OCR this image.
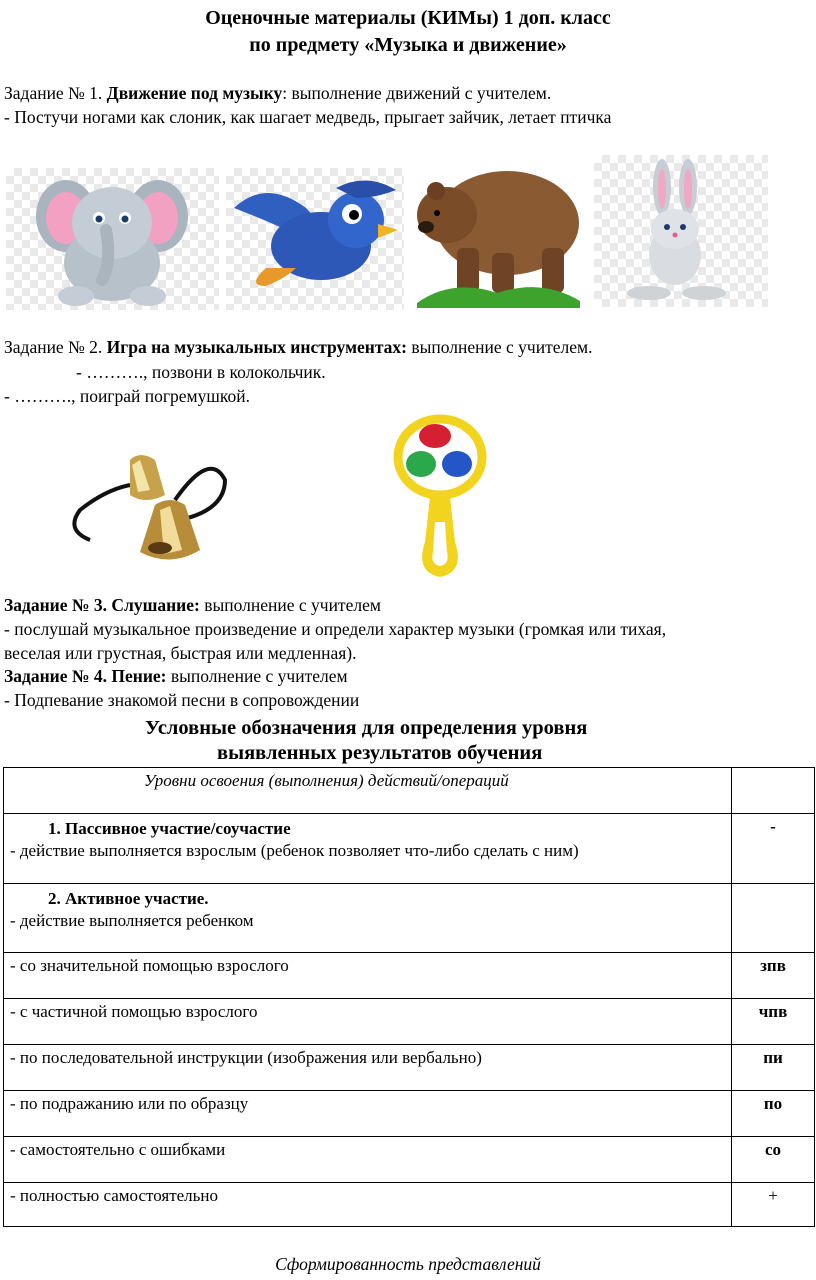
Оценочные материалы (КИМы) 1 доп. класс
по предмету «Музыка и движение»
Задание № 1. Движение под музыку: выполнение движений с учителем.
- Постучи ногами как слоник, как шагает медведь, прыгает зайчик, летает птичка
Задание № 2. Игра на музыкальных инструментах: выполнение с учителем.
- ………., позвони в колокольчик.
- ………., поиграй погремушкой.
Задание № 3. Слушание: выполнение с учителем
- послушай музыкальное произведение и определи характер музыки (громкая или тихая,
веселая или грустная, быстрая или медленная).
Задание № 4. Пение: выполнение с учителем
- Подпевание знакомой песни в сопровождении
Условные обозначения для определения уровня
выявленных результатов обучения
Уровни освоения (выполнения) действий/операций	

1. Пассивное участие/соучастие
- действие выполняется взрослым (ребенок позволяет что-либо сделать с ним)	-

2. Активное участие.
- действие выполняется ребенком	

- со значительной помощью взрослого	зпв
- с частичной помощью взрослого	чпв
- по последовательной инструкции (изображения или вербально)	пи
- по подражанию или по образцу	по
- самостоятельно с ошибками	со
- полностью самостоятельно	+
Сформированность представлений
